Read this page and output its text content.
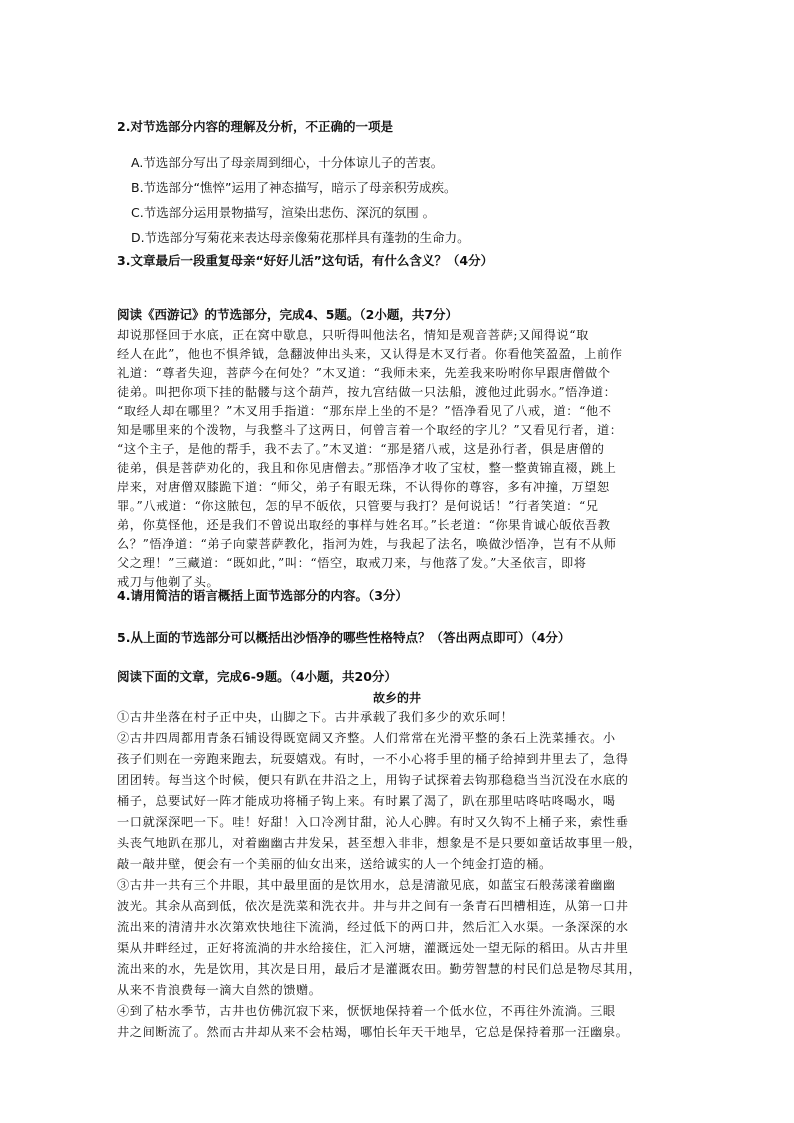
2.对节选部分内容的理解及分析，不正确的一项是
A.节选部分写出了母亲周到细心，十分体谅儿子的苦衷。
B.节选部分“憔悴”运用了神态描写，暗示了母亲积劳成疾。
C.节选部分运用景物描写，渲染出悲伤、深沉的氛围 。
D.节选部分写菊花来表达母亲像菊花那样具有蓬勃的生命力。
3.文章最后一段重复母亲“好好儿活”这句话，有什么含义？（4分）
阅读《西游记》的节选部分，完成4、5题。（2小题，共7分）
却说那怪回于水底，正在窝中歇息，只听得叫他法名，情知是观音菩萨;又闻得说“取
经人在此”，他也不惧斧钺，急翻波伸出头来，又认得是木叉行者。你看他笑盈盈，上前作
礼道：“尊者失迎，菩萨今在何处？”木叉道：“我师未来，先差我来吩咐你早跟唐僧做个
徒弟。叫把你项下挂的骷髅与这个葫芦，按九宫结做一只法船，渡他过此弱水。”悟净道：
“取经人却在哪里？”木叉用手指道：“那东岸上坐的不是？”悟净看见了八戒，道：“他不
知是哪里来的个泼物，与我整斗了这两日，何曾言着一个取经的字儿？”又看见行者，道：
“这个主子，是他的帮手，我不去了。”木叉道：“那是猪八戒，这是孙行者，俱是唐僧的
徒弟，俱是菩萨劝化的，我且和你见唐僧去。”那悟净才收了宝杖，整一整黄锦直裰，跳上
岸来，对唐僧双膝跪下道：“师父，弟子有眼无珠，不认得你的尊容，多有冲撞，万望恕
罪。”八戒道：“你这脓包，怎的早不皈依，只管要与我打？是何说话！”行者笑道：“兄
弟，你莫怪他，还是我们不曾说出取经的事样与姓名耳。”长老道：“你果肯诚心皈依吾教
么？”悟净道：“弟子向蒙菩萨教化，指河为姓，与我起了法名，唤做沙悟净，岂有不从师
父之理！”三藏道：“既如此，”叫：“悟空，取戒刀来，与他落了发。”大圣依言，即将
戒刀与他剃了头。
4.请用简洁的语言概括上面节选部分的内容。（3分）
5.从上面的节选部分可以概括出沙悟净的哪些性格特点？（答出两点即可）（4分）
阅读下面的文章，完成6-9题。（4小题，共20分）
故乡的井
①古井坐落在村子正中央，山脚之下。古井承载了我们多少的欢乐呵！
②古井四周都用青条石铺设得既宽阔又齐整。人们常常在光滑平整的条石上洗菜捶衣。小
孩子们则在一旁跑来跑去，玩耍嬉戏。有时，一不小心将手里的桶子给掉到井里去了，急得
团团转。每当这个时候，便只有趴在井沿之上，用钩子试探着去钩那稳稳当当沉没在水底的
桶子，总要试好一阵才能成功将桶子钩上来。有时累了渴了，趴在那里咕咚咕咚喝水，喝
一口就深深吧一下。哇！好甜！入口冷冽甘甜，沁人心脾。有时又久钩不上桶子来，索性垂
头丧气地趴在那儿，对着幽幽古井发呆，甚至想入非非，想象是不是只要如童话故事里一般，
敲一敲井壁，便会有一个美丽的仙女出来，送给诚实的人一个纯金打造的桶。
③古井一共有三个井眼，其中最里面的是饮用水，总是清澈见底，如蓝宝石般荡漾着幽幽
波光。其余从高到低，依次是洗菜和洗衣井。井与井之间有一条青石凹槽相连，从第一口井
流出来的清清井水次第欢快地往下流淌，经过低下的两口井，然后汇入水渠。一条深深的水
渠从井畔经过，正好将流淌的井水给接住，汇入河塘，灌溉远处一望无际的稻田。从古井里
流出来的水，先是饮用，其次是日用，最后才是灌溉农田。勤劳智慧的村民们总是物尽其用，
从来不肯浪费每一滴大自然的馈赠。
④到了枯水季节，古井也仿佛沉寂下来，恹恹地保持着一个低水位，不再往外流淌。三眼
井之间断流了。然而古井却从来不会枯竭，哪怕长年天干地旱，它总是保持着那一汪幽泉。
